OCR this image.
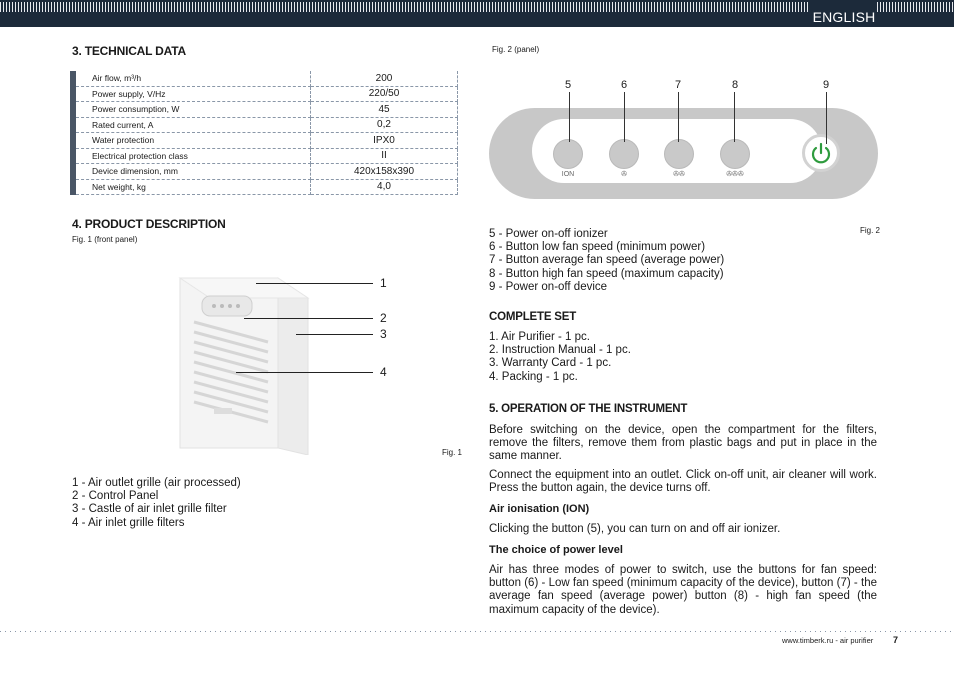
ENGLISH
3. TECHNICAL DATA
	Air flow, m³/h	200
	Power supply, V/Hz	220/50
	Power consumption, W	45
	Rated current, A	0,2
	Water protection	IPX0
	Electrical protection class	II
	Device dimension, mm	420x158x390
	Net weight, kg	4,0
4. PRODUCT DESCRIPTION
Fig. 1 (front panel)
1
2
3
4
Fig. 1
1 - Air outlet grille (air processed)
2 - Control Panel
3 - Castle of air inlet grille filter
4 - Air inlet grille filters
Fig. 2 (panel)
5	6	7	8	9
ION	✇	✇✇	✇✇✇
Fig. 2
5 - Power on-off ionizer
6 - Button low fan speed (minimum power)
7 - Button average fan speed (average power)
8 - Button high fan speed (maximum capacity)
9 - Power on-off device
COMPLETE SET
1. Air Purifier - 1 pc.
2. Instruction Manual - 1 pc.
3. Warranty Card - 1 pc.
4. Packing - 1 pc.
5. OPERATION OF THE INSTRUMENT
Before switching on the device, open the compartment for the filters, remove the filters, remove them from plastic bags and put in place in the same manner.
Connect the equipment into an outlet. Click on-off unit, air cleaner will work. Press the button again, the device turns off.
Air ionisation (ION)
Clicking the button (5), you can turn on and off air ionizer.
The choice of power level
Air has three modes of power to switch, use the buttons for fan speed: button (6) - Low fan speed (minimum capacity of the device), button (7) - the average fan speed (average power) button (8) - high fan speed (the maximum capacity of the device).
www.timberk.ru - air purifier 7
